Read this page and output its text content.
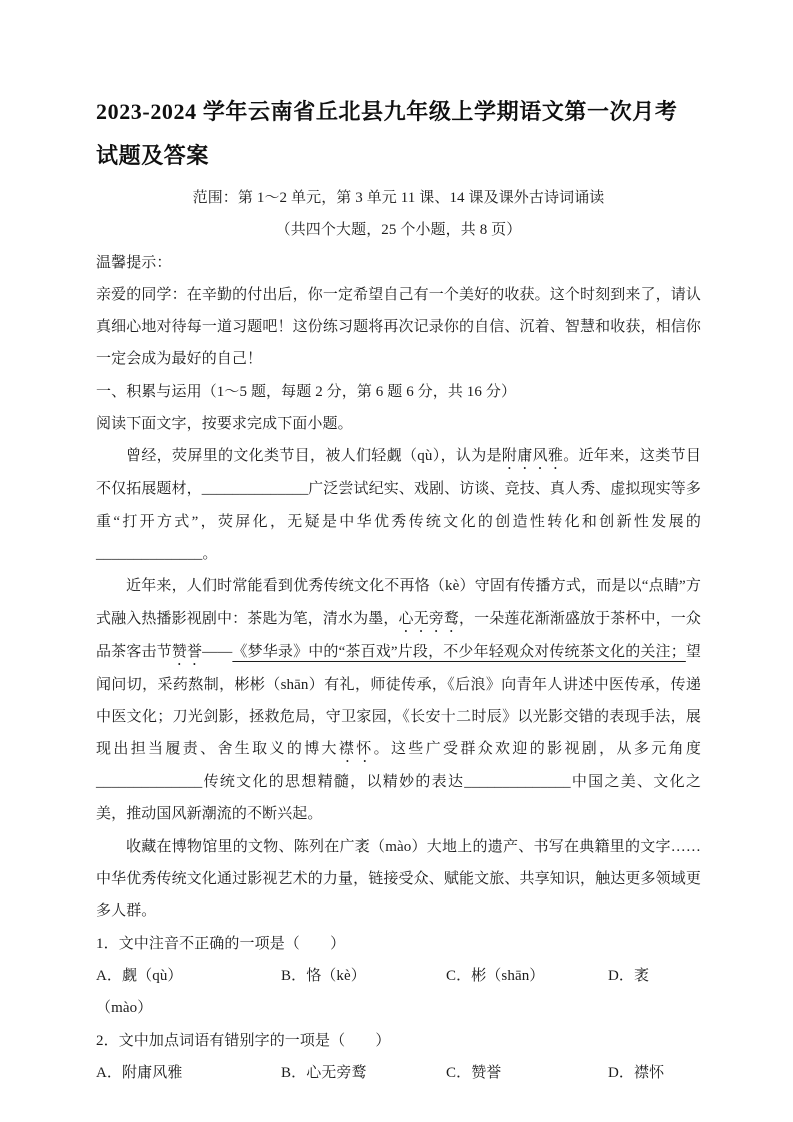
2023-2024 学年云南省丘北县九年级上学期语文第一次月考
试题及答案

范围：第 1～2 单元，第 3 单元 11 课、14 课及课外古诗词诵读

（共四个大题，25 个小题，共 8 页）

温馨提示：

亲爱的同学：在辛勤的付出后，你一定希望自己有一个美好的收获。这个时刻到来了，请认真细心地对待每一道习题吧！这份练习题将再次记录你的自信、沉着、智慧和收获，相信你一定会成为最好的自己！

一、积累与运用（1～5 题，每题 2 分，第 6 题 6 分，共 16 分）

阅读下面文字，按要求完成下面小题。

曾经，荧屏里的文化类节目，被人们轻觑（qù），认为是附庸风雅。近年来，这类节目不仅拓展题材，______________广泛尝试纪实、戏剧、访谈、竞技、真人秀、虚拟现实等多重“打开方式”，荧屏化，无疑是中华优秀传统文化的创造性转化和创新性发展的______________。

近年来，人们时常能看到优秀传统文化不再恪（kè）守固有传播方式，而是以“点睛”方式融入热播影视剧中：茶匙为笔，清水为墨，心无旁鹜，一朵莲花渐渐盛放于茶杯中，一众品茶客击节赞誉——《梦华录》中的“茶百戏”片段，不少年轻观众对传统茶文化的关注；望闻问切，采药熬制，彬彬（shān）有礼，师徒传承，《后浪》向青年人讲述中医传承，传递中医文化；刀光剑影，拯救危局，守卫家园，《长安十二时辰》以光影交错的表现手法，展现出担当履责、舍生取义的博大襟怀。这些广受群众欢迎的影视剧，从多元角度______________传统文化的思想精髓，以精妙的表达______________中国之美、文化之美，推动国风新潮流的不断兴起。

收藏在博物馆里的文物、陈列在广袤（mào）大地上的遗产、书写在典籍里的文字……中华优秀传统文化通过影视艺术的力量，链接受众、赋能文旅、共享知识，触达更多领域更多人群。

1．文中注音不正确的一项是（　　）

A．觑（qù）	B．恪（kè）	C．彬（shān）	D．袤

（mào）

2．文中加点词语有错别字的一项是（　　）

A．附庸风雅	B．心无旁鹜	C．赞誉	D．襟怀
